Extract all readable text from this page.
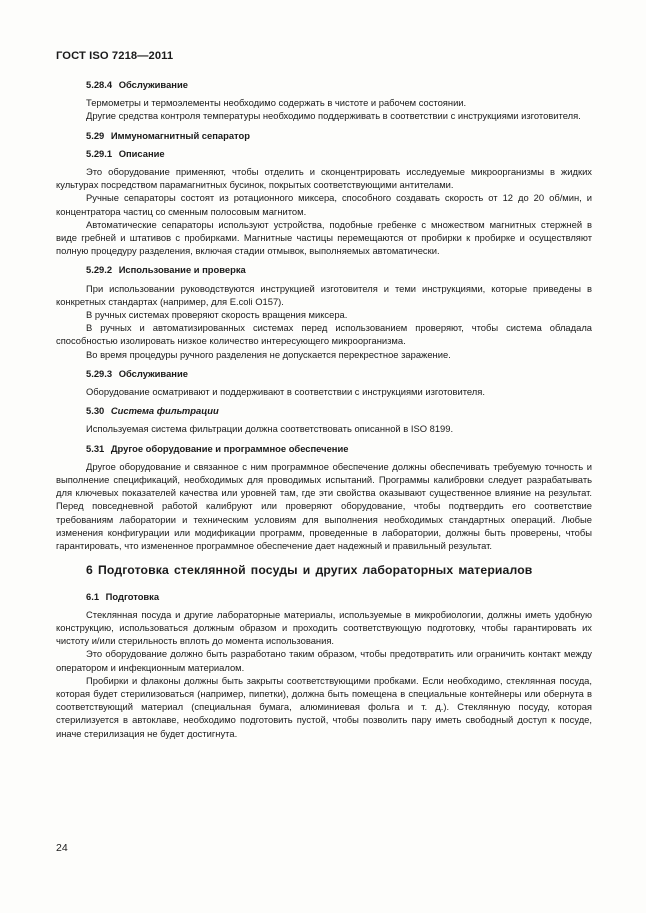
ГОСТ ISO 7218—2011
5.28.4 Обслуживание

Термометры и термоэлементы необходимо содержать в чистоте и рабочем состоянии.

Другие средства контроля температуры необходимо поддерживать в соответствии с инструкциями изготовителя.

5.29 Иммуномагнитный сепаратор
5.29.1 Описание

Это оборудование применяют, чтобы отделить и сконцентрировать исследуемые микроорганизмы в жидких культурах посредством парамагнитных бусинок, покрытых соответствующими антителами.

Ручные сепараторы состоят из ротационного миксера, способного создавать скорость от 12 до 20 об/мин, и концентратора частиц со сменным полосовым магнитом.

Автоматические сепараторы используют устройства, подобные гребенке с множеством магнитных стержней в виде гребней и штативов с пробирками. Магнитные частицы перемещаются от пробирки к пробирке и осуществляют полную процедуру разделения, включая стадии отмывок, выполняемых автоматически.

5.29.2 Использование и проверка

При использовании руководствуются инструкцией изготовителя и теми инструкциями, которые приведены в конкретных стандартах (например, для E.coli O157).

В ручных системах проверяют скорость вращения миксера.

В ручных и автоматизированных системах перед использованием проверяют, чтобы система обладала способностью изолировать низкое количество интересующего микроорганизма.

Во время процедуры ручного разделения не допускается перекрестное заражение.

5.29.3 Обслуживание

Оборудование осматривают и поддерживают в соответствии с инструкциями изготовителя.

5.30 Система фильтрации

Используемая система фильтрации должна соответствовать описанной в ISO 8199.

5.31 Другое оборудование и программное обеспечение

Другое оборудование и связанное с ним программное обеспечение должны обеспечивать требуемую точность и выполнение спецификаций, необходимых для проводимых испытаний. Программы калибровки следует разрабатывать для ключевых показателей качества или уровней там, где эти свойства оказывают существенное влияние на результат. Перед повседневной работой калибруют или проверяют оборудование, чтобы подтвердить его соответствие требованиям лаборатории и техническим условиям для выполнения необходимых стандартных операций. Любые изменения конфигурации или модификации программ, проведенные в лаборатории, должны быть проверены, чтобы гарантировать, что измененное программное обеспечение дает надежный и правильный результат.

6 Подготовка стеклянной посуды и других лабораторных материалов
6.1 Подготовка

Стеклянная посуда и другие лабораторные материалы, используемые в микробиологии, должны иметь удобную конструкцию, использоваться должным образом и проходить соответствующую подготовку, чтобы гарантировать их чистоту и/или стерильность вплоть до момента использования.

Это оборудование должно быть разработано таким образом, чтобы предотвратить или ограничить контакт между оператором и инфекционным материалом.

Пробирки и флаконы должны быть закрыты соответствующими пробками. Если необходимо, стеклянная посуда, которая будет стерилизоваться (например, пипетки), должна быть помещена в специальные контейнеры или обернута в соответствующий материал (специальная бумага, алюминиевая фольга и т. д.). Стеклянную посуду, которая стерилизуется в автоклаве, необходимо подготовить пустой, чтобы позволить пару иметь свободный доступ к посуде, иначе стерилизация не будет достигнута.

24
